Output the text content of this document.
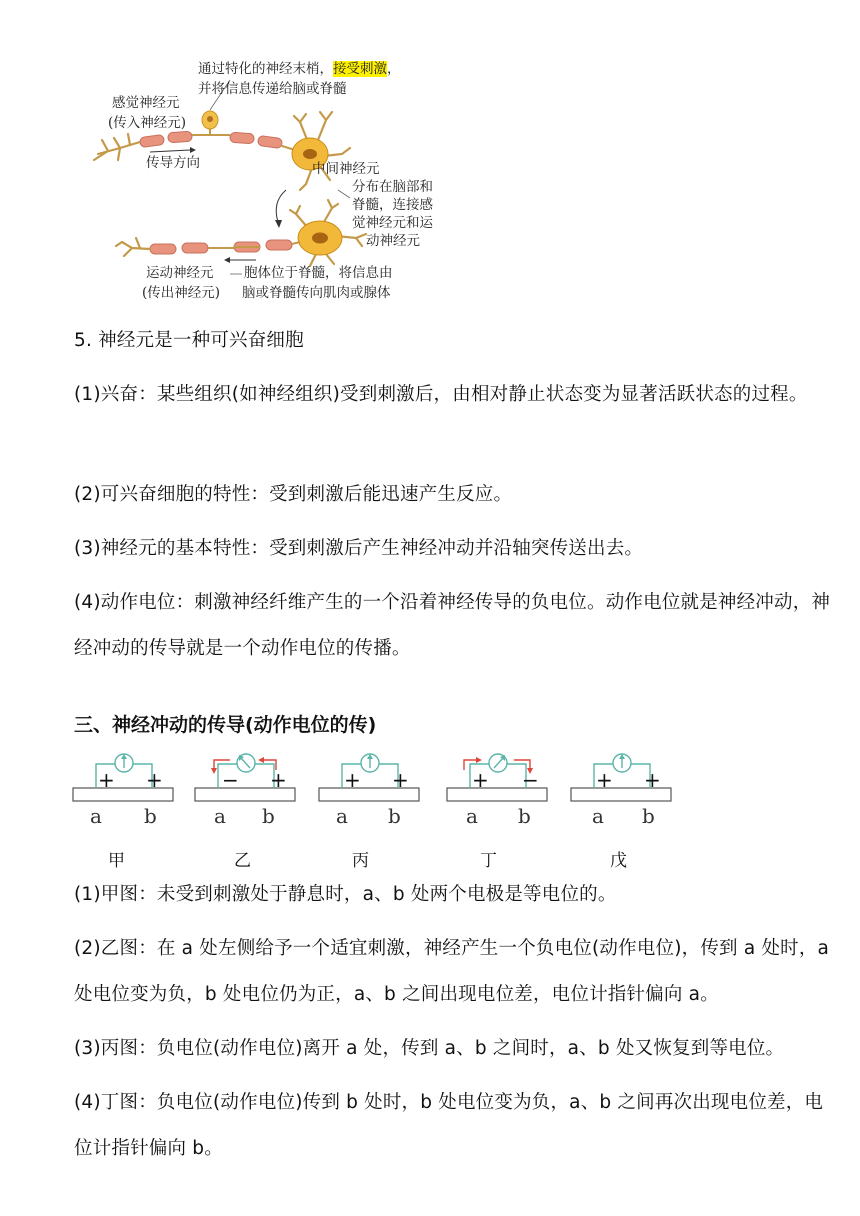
通过特化的神经末梢，接受刺激，
并将信息传递给脑或脊髓
感觉神经元
(传入神经元)
传导方向	中间神经元
分布在脑部和
脊髓，连接感
觉神经元和运
动神经元
运动神经元
(传出神经元)
胞体位于脊髓，将信息由
脑或脊髓传向肌肉或腺体
5. 神经元是一种可兴奋细胞
(1)兴奋：某些组织(如神经组织)受到刺激后，由相对静止状态变为显著活跃状态的过程。
(2)可兴奋细胞的特性：受到刺激后能迅速产生反应。
(3)神经元的基本特性：受到刺激后产生神经冲动并沿轴突传送出去。
(4)动作电位：刺激神经纤维产生的一个沿着神经传导的负电位。动作电位就是神经冲动，神经冲动的传导就是一个动作电位的传播。
三、神经冲动的传导(动作电位的传)
+ +
a b
甲
− +
a b
乙
+ +
a b
丙
+ −
a b
丁
+ +
a b
戊
(1)甲图：未受到刺激处于静息时，a、b 处两个电极是等电位的。
(2)乙图：在 a 处左侧给予一个适宜刺激，神经产生一个负电位(动作电位)，传到 a 处时，a 处电位变为负，b 处电位仍为正，a、b 之间出现电位差，电位计指针偏向 a。
(3)丙图：负电位(动作电位)离开 a 处，传到 a、b 之间时，a、b 处又恢复到等电位。
(4)丁图：负电位(动作电位)传到 b 处时，b 处电位变为负，a、b 之间再次出现电位差，电位计指针偏向 b。
